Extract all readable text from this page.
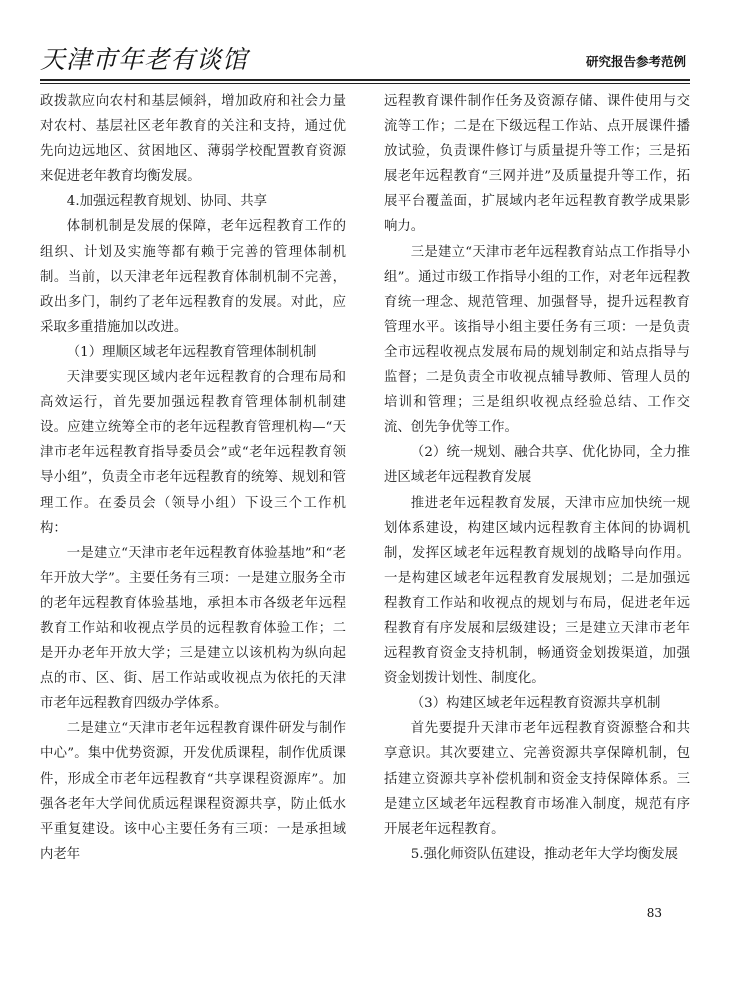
天津市年老有谈馆	研究报告参考范例

政拨款应向农村和基层倾斜，增加政府和社会力量对农村、基层社区老年教育的关注和支持，通过优先向边远地区、贫困地区、薄弱学校配置教育资源来促进老年教育均衡发展。

4.加强远程教育规划、协同、共享

体制机制是发展的保障，老年远程教育工作的组织、计划及实施等都有赖于完善的管理体制机制。当前，以天津老年远程教育体制机制不完善，政出多门，制约了老年远程教育的发展。对此，应采取多重措施加以改进。

（1）理顺区域老年远程教育管理体制机制

天津要实现区域内老年远程教育的合理布局和高效运行，首先要加强远程教育管理体制机制建设。应建立统筹全市的老年远程教育管理机构—“天津市老年远程教育指导委员会”或“老年远程教育领导小组”，负责全市老年远程教育的统筹、规划和管理工作。在委员会（领导小组）下设三个工作机构：

一是建立“天津市老年远程教育体验基地”和“老年开放大学”。主要任务有三项：一是建立服务全市的老年远程教育体验基地，承担本市各级老年远程教育工作站和收视点学员的远程教育体验工作；二是开办老年开放大学；三是建立以该机构为纵向起点的市、区、街、居工作站或收视点为依托的天津市老年远程教育四级办学体系。

二是建立“天津市老年远程教育课件研发与制作中心”。集中优势资源，开发优质课程，制作优质课件，形成全市老年远程教育“共享课程资源库”。加强各老年大学间优质远程课程资源共享，防止低水平重复建设。该中心主要任务有三项：一是承担域内老年

远程教育课件制作任务及资源存储、课件使用与交流等工作；二是在下级远程工作站、点开展课件播放试验，负责课件修订与质量提升等工作；三是拓展老年远程教育“三网并进”及质量提升等工作，拓展平台覆盖面，扩展域内老年远程教育教学成果影响力。

三是建立“天津市老年远程教育站点工作指导小组”。通过市级工作指导小组的工作，对老年远程教育统一理念、规范管理、加强督导，提升远程教育管理水平。该指导小组主要任务有三项：一是负责全市远程收视点发展布局的规划制定和站点指导与监督；二是负责全市收视点辅导教师、管理人员的培训和管理；三是组织收视点经验总结、工作交流、创先争优等工作。

（2）统一规划、融合共享、优化协同，全力推进区域老年远程教育发展

推进老年远程教育发展，天津市应加快统一规划体系建设，构建区域内远程教育主体间的协调机制，发挥区域老年远程教育规划的战略导向作用。一是构建区域老年远程教育发展规划；二是加强远程教育工作站和收视点的规划与布局，促进老年远程教育有序发展和层级建设；三是建立天津市老年远程教育资金支持机制，畅通资金划拨渠道，加强资金划拨计划性、制度化。

（3）构建区域老年远程教育资源共享机制

首先要提升天津市老年远程教育资源整合和共享意识。其次要建立、完善资源共享保障机制，包括建立资源共享补偿机制和资金支持保障体系。三是建立区域老年远程教育市场准入制度，规范有序开展老年远程教育。

5.强化师资队伍建设，推动老年大学均衡发展

83
